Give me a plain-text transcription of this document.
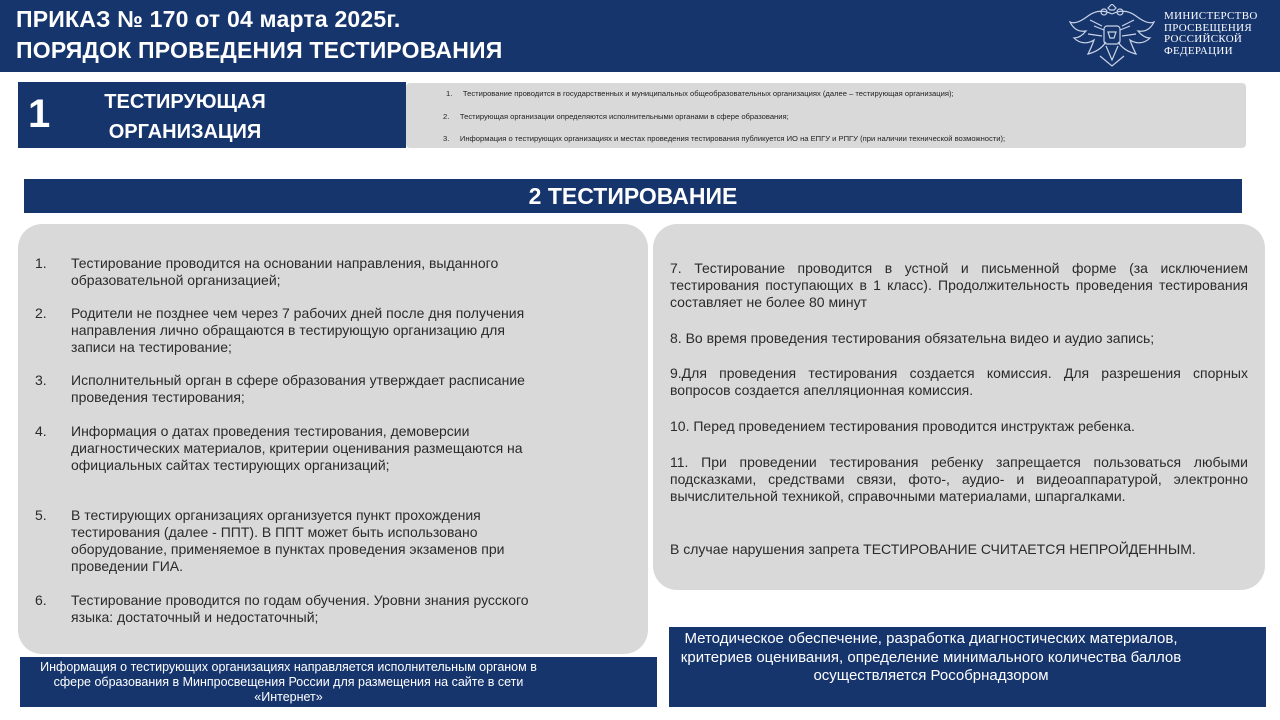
ПРИКАЗ № 170 от 04 марта 2025г.
ПОРЯДОК ПРОВЕДЕНИЯ ТЕСТИРОВАНИЯ
МИНИСТЕРСТВО
ПРОСВЕЩЕНИЯ
РОССИЙСКОЙ
ФЕДЕРАЦИИ
1	ТЕСТИРУЮЩАЯ ОРГАНИЗАЦИЯ
1. Тестирование проводится в государственных и муниципальных общеобразовательных организациях (далее – тестирующая организация);
2. Тестирующая организации определяются исполнительными органами в сфере образования;
3. Информация о тестирующих организациях и местах проведения тестирования публикуется ИО на ЕПГУ и РПГУ (при наличии технической возможности);
2 ТЕСТИРОВАНИЕ
1. Тестирование проводится на основании направления, выданного образовательной организацией;
2. Родители не позднее чем через 7 рабочих дней после дня получения направления лично обращаются в тестирующую организацию для записи на тестирование;
3. Исполнительный орган в сфере образования утверждает расписание проведения тестирования;
4. Информация о датах проведения тестирования, демоверсии диагностических материалов, критерии оценивания размещаются на официальных сайтах тестирующих организаций;
5. В тестирующих организациях организуется пункт прохождения тестирования (далее - ППТ). В ППТ может быть использовано оборудование, применяемое в пунктах проведения экзаменов при проведении ГИА.
6. Тестирование проводится по годам обучения. Уровни знания русского языка: достаточный и недостаточный;
7. Тестирование проводится в устной и письменной форме (за исключением тестирования поступающих в 1 класс). Продолжительность проведения тестирования составляет не более 80 минут
8. Во время проведения тестирования обязательна видео и аудио запись;
9.Для проведения тестирования создается комиссия. Для разрешения спорных вопросов создается апелляционная комиссия.
10. Перед проведением тестирования проводится инструктаж ребенка.
11. При проведении тестирования ребенку запрещается пользоваться любыми подсказками, средствами связи, фото-, аудио- и видеоаппаратурой, электронно вычислительной техникой, справочными материалами, шпаргалками.
В случае нарушения запрета ТЕСТИРОВАНИЕ СЧИТАЕТСЯ НЕПРОЙДЕННЫМ.
Информация о тестирующих организациях направляется исполнительным органом в сфере образования в Минпросвещения России для размещения на сайте в сети «Интернет»
Методическое обеспечение, разработка диагностических материалов, критериев оценивания, определение минимального количества баллов осуществляется Рособрнадзором
